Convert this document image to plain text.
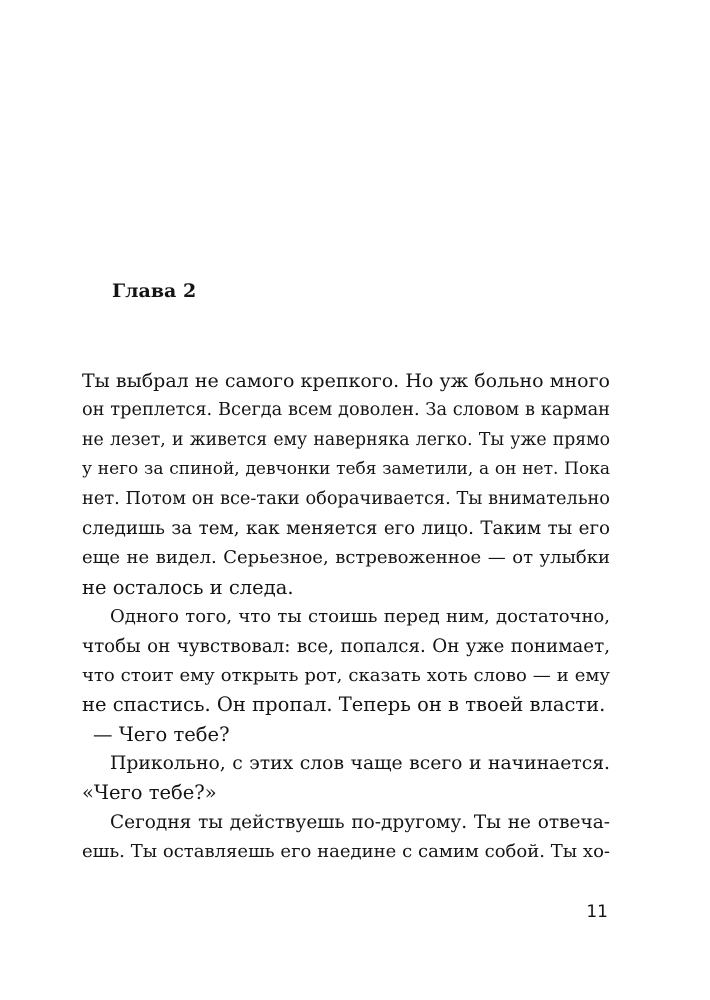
Глава 2
Ты выбрал не самого крепкого. Но уж больно много
он треплется. Всегда всем доволен. За словом в карман
не лезет, и живется ему наверняка легко. Ты уже прямо
у него за спиной, девчонки тебя заметили, а он нет. Пока
нет. Потом он все-таки оборачивается. Ты внимательно
следишь за тем, как меняется его лицо. Таким ты его
еще не видел. Серьезное, встревоженное — от улыбки
не осталось и следа.
Одного того, что ты стоишь перед ним, достаточно,
чтобы он чувствовал: все, попался. Он уже понимает,
что стоит ему открыть рот, сказать хоть слово — и ему
не спастись. Он пропал. Теперь он в твоей власти.
— Чего тебе?
Прикольно, с этих слов чаще всего и начинается.
«Чего тебе?»
Сегодня ты действуешь по-другому. Ты не отвеча-
ешь. Ты оставляешь его наедине с самим собой. Ты хо-

11
